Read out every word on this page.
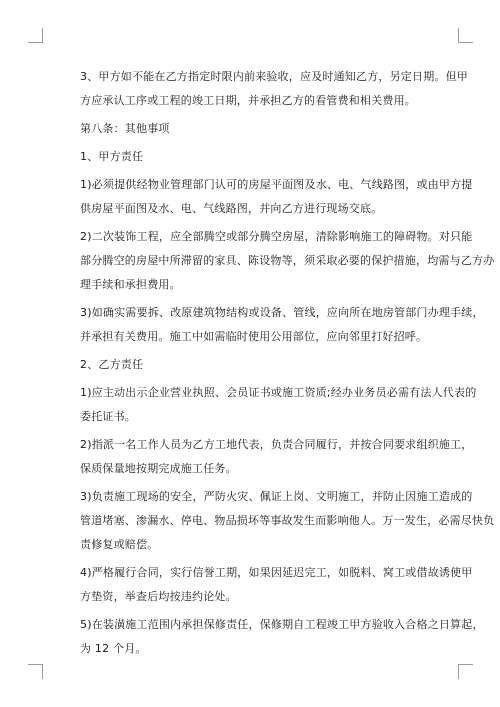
3、甲方如不能在乙方指定时限内前来验收，应及时通知乙方，另定日期。但甲
方应承认工序或工程的竣工日期，并承担乙方的看管费和相关费用。
第八条：其他事项
1、甲方责任
1)必须提供经物业管理部门认可的房屋平面图及水、电、气线路图，或由甲方提
供房屋平面图及水、电、气线路图，并向乙方进行现场交底。
2)二次装饰工程，应全部腾空或部分腾空房屋，清除影响施工的障碍物。对只能
部分腾空的房屋中所滞留的家具、陈设物等，须采取必要的保护措施，均需与乙方办
理手续和承担费用。
3)如确实需要拆、改原建筑物结构或设备、管线，应向所在地房管部门办理手续，
并承担有关费用。施工中如需临时使用公用部位，应向邻里打好招呼。
2、乙方责任
1)应主动出示企业营业执照、会员证书或施工资质;经办业务员必需有法人代表的
委托证书。
2)指派一名工作人员为乙方工地代表，负责合同履行，并按合同要求组织施工，
保质保量地按期完成施工任务。
3)负责施工现场的安全，严防火灾、佩证上岗、文明施工，并防止因施工造成的
管道堵塞、渗漏水、停电、物品损坏等事故发生而影响他人。万一发生，必需尽快负
责修复或赔偿。
4)严格履行合同，实行信誉工期，如果因延迟完工，如脱料、窝工或借故诱使甲
方垫资，举查后均按违约论处。
5)在装潢施工范围内承担保修责任，保修期自工程竣工甲方验收入合格之日算起，
为 12 个月。
